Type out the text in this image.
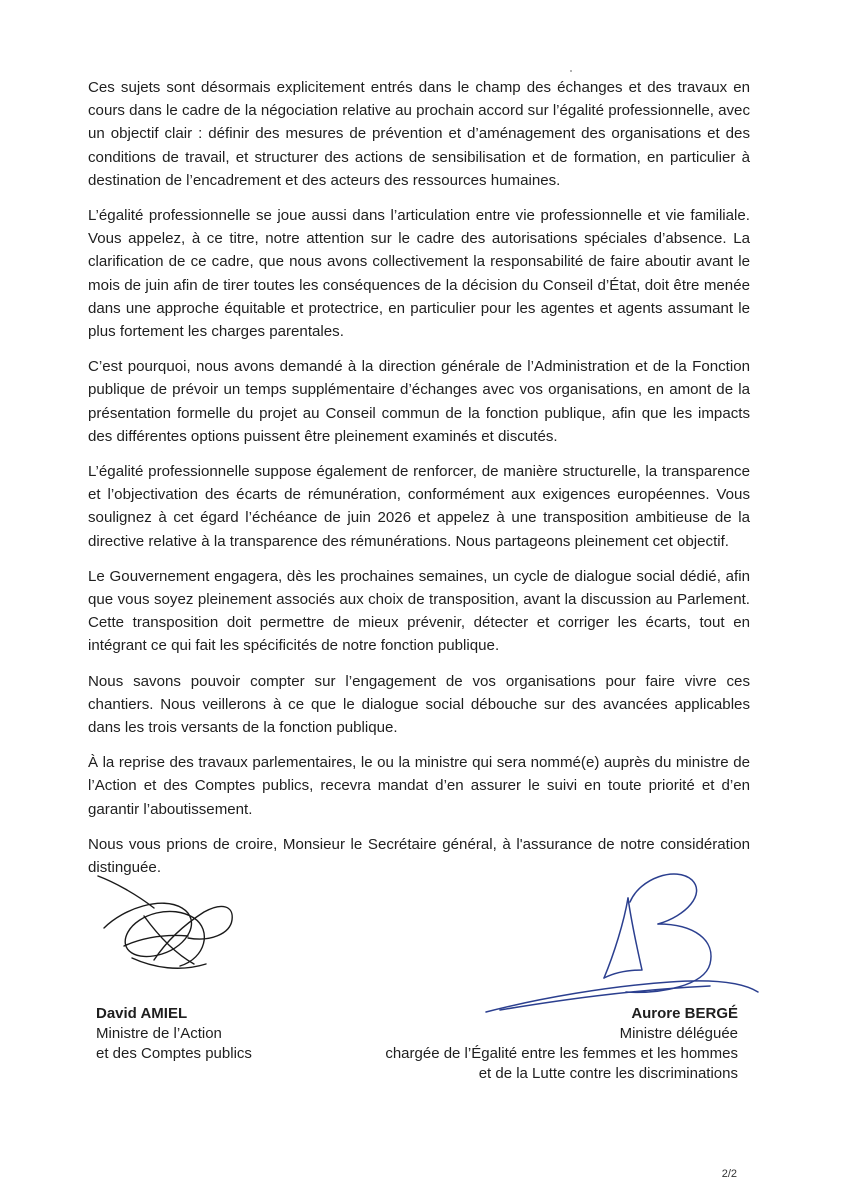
Ces sujets sont désormais explicitement entrés dans le champ des échanges et des travaux en cours dans le cadre de la négociation relative au prochain accord sur l’égalité professionnelle, avec un objectif clair : définir des mesures de prévention et d’aménagement des organisations et des conditions de travail, et structurer des actions de sensibilisation et de formation, en particulier à destination de l’encadrement et des acteurs des ressources humaines.

L’égalité professionnelle se joue aussi dans l’articulation entre vie professionnelle et vie familiale. Vous appelez, à ce titre, notre attention sur le cadre des autorisations spéciales d’absence. La clarification de ce cadre, que nous avons collectivement la responsabilité de faire aboutir avant le mois de juin afin de tirer toutes les conséquences de la décision du Conseil d’État, doit être menée dans une approche équitable et protectrice, en particulier pour les agentes et agents assumant le plus fortement les charges parentales.

C’est pourquoi, nous avons demandé à la direction générale de l’Administration et de la Fonction publique de prévoir un temps supplémentaire d’échanges avec vos organisations, en amont de la présentation formelle du projet au Conseil commun de la fonction publique, afin que les impacts des différentes options puissent être pleinement examinés et discutés.

L’égalité professionnelle suppose également de renforcer, de manière structurelle, la transparence et l’objectivation des écarts de rémunération, conformément aux exigences européennes. Vous soulignez à cet égard l’échéance de juin 2026 et appelez à une transposition ambitieuse de la directive relative à la transparence des rémunérations. Nous partageons pleinement cet objectif.

Le Gouvernement engagera, dès les prochaines semaines, un cycle de dialogue social dédié, afin que vous soyez pleinement associés aux choix de transposition, avant la discussion au Parlement. Cette transposition doit permettre de mieux prévenir, détecter et corriger les écarts, tout en intégrant ce qui fait les spécificités de notre fonction publique.

Nous savons pouvoir compter sur l’engagement de vos organisations pour faire vivre ces chantiers. Nous veillerons à ce que le dialogue social débouche sur des avancées applicables dans les trois versants de la fonction publique.

À la reprise des travaux parlementaires, le ou la ministre qui sera nommé(e) auprès du ministre de l’Action et des Comptes publics, recevra mandat d’en assurer le suivi en toute priorité et d’en garantir l’aboutissement.

Nous vous prions de croire, Monsieur le Secrétaire général, à l'assurance de notre considération distinguée.

David AMIEL
Ministre de l’Action
et des Comptes publics
Aurore BERGÉ
Ministre déléguée
chargée de l’Égalité entre les femmes et les hommes
et de la Lutte contre les discriminations
2/2
